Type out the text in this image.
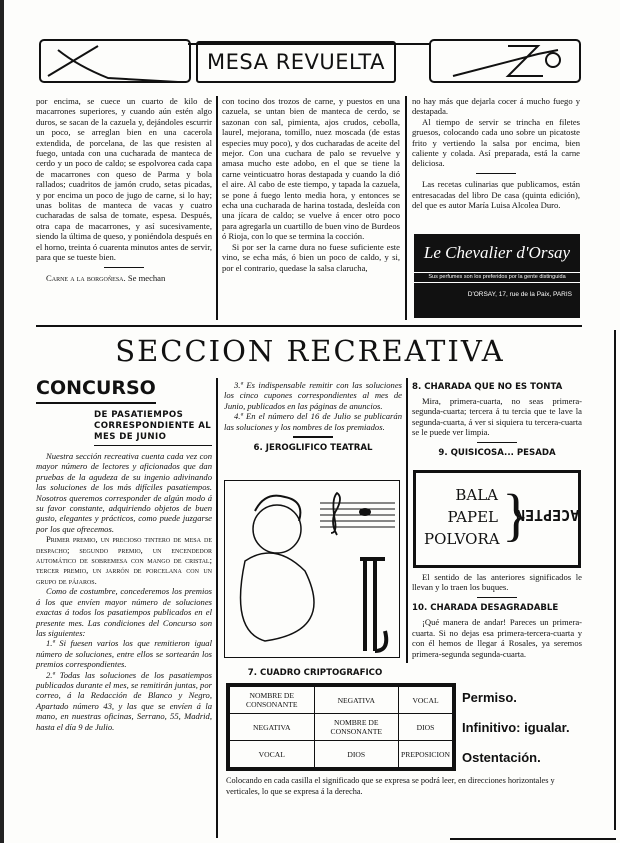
MESA REVUELTA

por encima, se cuece un cuarto de kilo de macarrones superiores, y cuando aún estén algo duros, se sacan de la cazuela y, dejándoles escurrir un poco, se arreglan bien en una cacerola extendida, de porcelana, de las que resisten al fuego, untada con una cucharada de manteca de cerdo y un poco de caldo; se espolvorea cada capa de macarrones con queso de Parma y bola rallados; cuadritos de jamón crudo, setas picadas, y por encima un poco de jugo de carne, si lo hay; unas bolitas de manteca de vacas y cuatro cucharadas de salsa de tomate, espesa. Después, otra capa de macarrones, y así sucesivamente, siendo la última de queso, y poniéndola después en el horno, treinta ó cuarenta minutos antes de servir, para que se tueste bien.

Carne a la borgoñesa. Se mechan

con tocino dos trozos de carne, y puestos en una cazuela, se untan bien de manteca de cerdo, se sazonan con sal, pimienta, ajos crudos, cebolla, laurel, mejorana, tomillo, nuez moscada (de estas especies muy poco), y dos cucharadas de aceite del mejor. Con una cuchara de palo se revuelve y amasa mucho este adobo, en el que se tiene la carne veinticuatro horas destapada y cuando la dió el aire. Al cabo de este tiempo, y tapada la cazuela, se pone á fuego lento media hora, y entonces se echa una cucharada de harina tostada, desleída con una jícara de caldo; se vuelve á encer otro poco para agregarla un cuartillo de buen vino de Burdeos ó Rioja, con lo que se termina la cocción.

Si por ser la carne dura no fuese suficiente este vino, se echa más, ó bien un poco de caldo, y si, por el contrario, quedase la salsa clarucha,

no hay más que dejarla cocer á mucho fuego y destapada.

Al tiempo de servir se trincha en filetes gruesos, colocando cada uno sobre un picatoste frito y vertiendo la salsa por encima, bien caliente y colada. Así preparada, está la carne deliciosa.

Las recetas culinarias que publicamos, están entresacadas del libro De casa (quinta edición), del que es autor María Luisa Alcolea Duro.

Le Chevalier d'Orsay
Sus perfumes son los preferidos por la gente distinguida
D'ORSAY, 17, rue de la Paix, PARIS
SECCION RECREATIVA
CONCURSO
DE PASATIEMPOS CORRESPONDIENTE AL MES DE JUNIO

Nuestra sección recreativa cuenta cada vez con mayor número de lectores y aficionados que dan pruebas de la agudeza de su ingenio adivinando las soluciones de los más difíciles pasatiempos. Nosotros queremos corresponder de algún modo á su favor constante, adquiriendo objetos de buen gusto, elegantes y prácticos, como puede juzgarse por los que ofrecemos.

Primer premio, un precioso tintero de mesa de despacho; segundo premio, un encendedor automático de sobremesa con mango de cristal; tercer premio, un jarrón de porcelana con un grupo de pájaros.

Como de costumbre, concederemos los premios á los que envíen mayor número de soluciones exactas á todos los pasatiempos publicados en el presente mes. Las condiciones del Concurso son las siguientes:

1.ª Si fuesen varios los que remitieron igual número de soluciones, entre ellos se sortearán los premios correspondientes.

2.ª Todas las soluciones de los pasatiempos publicados durante el mes, se remitirán juntas, por correo, á la Redacción de Blanco y Negro, Apartado número 43, y las que se envíen á la mano, en nuestras oficinas, Serrano, 55, Madrid, hasta el día 9 de Julio.

3.ª Es indispensable remitir con las soluciones los cinco cupones correspondientes al mes de Junio, publicados en las páginas de anuncios.

4.ª En el número del 16 de Julio se publicarán las soluciones y los nombres de los premiados.

6. JEROGLIFICO TEATRAL
7. CUADRO CRIPTOGRAFICO
NOMBRE DE CONSONANTE	NEGATIVA	VOCAL
NEGATIVA	NOMBRE DE CONSONANTE	DIOS
VOCAL	DIOS	PREPOSICION
Permiso.
Infinitivo: igualar.
Ostentación.
Colocando en cada casilla el significado que se expresa se podrá leer, en direcciones horizontales y verticales, lo que se expresa á la derecha.
8. CHARADA QUE NO ES TONTA

Mira, primera-cuarta, no seas primera-segunda-cuarta; tercera á tu tercia que te lave la segunda-cuarta, á ver si siquiera tu tercera-cuarta se le puede ver limpia.

9. QUISICOSA... PESADA
BALA
PAPEL
POLVORA }
ACEPTEN

El sentido de las anteriores significados le llevan y lo traen los buques.

10. CHARADA DESAGRADABLE

¡Qué manera de andar! Pareces un primera-cuarta. Si no dejas esa primera-tercera-cuarta y con él hemos de llegar á Rosales, ya seremos primera-segunda segunda-cuarta.
